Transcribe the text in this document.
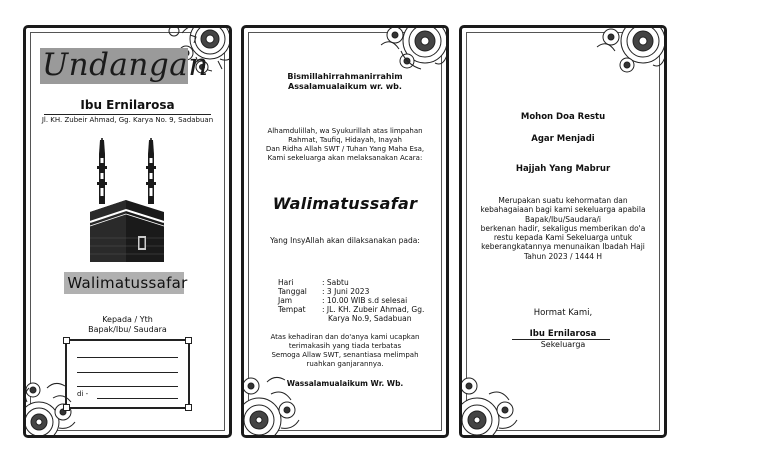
Undangan
Ibu Ernilarosa
Jl. KH. Zubeir Ahmad, Gg. Karya No. 9, Sadabuan
Walimatussafar
Kepada / Yth
Bapak/Ibu/ Saudara
di -
Bismillahirrahmanirrahim
Assalamualaikum wr. wb.
Alhamdulillah, wa Syukurillah atas limpahan
Rahmat, Taufiq, Hidayah, Inayah
Dan Ridha Allah SWT / Tuhan Yang Maha Esa,
Kami sekeluarga akan melaksanakan Acara:
Walimatussafar
Yang InsyAllah akan dilaksanakan pada:
Hari	: Sabtu
Tanggal	: 3 Juni 2023
Jam	: 10.00 WIB s.d selesai
Tempat	: JL. KH. Zubeir Ahmad, Gg.
Karya No.9, Sadabuan
Atas kehadiran dan do'anya kami ucapkan
terimakasih yang tiada terbatas
Semoga Allaw SWT, senantiasa melimpah
ruahkan ganjarannya.
Wassalamualaikum Wr. Wb.
Mohon Doa Restu
Agar Menjadi
Hajjah Yang Mabrur
Merupakan suatu kehormatan dan
kebahagaiaan bagi kami sekeluarga apabila
Bapak/Ibu/Saudara/i
berkenan hadir, sekaligus memberikan do'a
restu kepada Kami Sekeluarga untuk
keberangkatannya menunaikan Ibadah Haji
Tahun 2023 / 1444 H
Hormat Kami,
Ibu Ernilarosa
Sekeluarga
